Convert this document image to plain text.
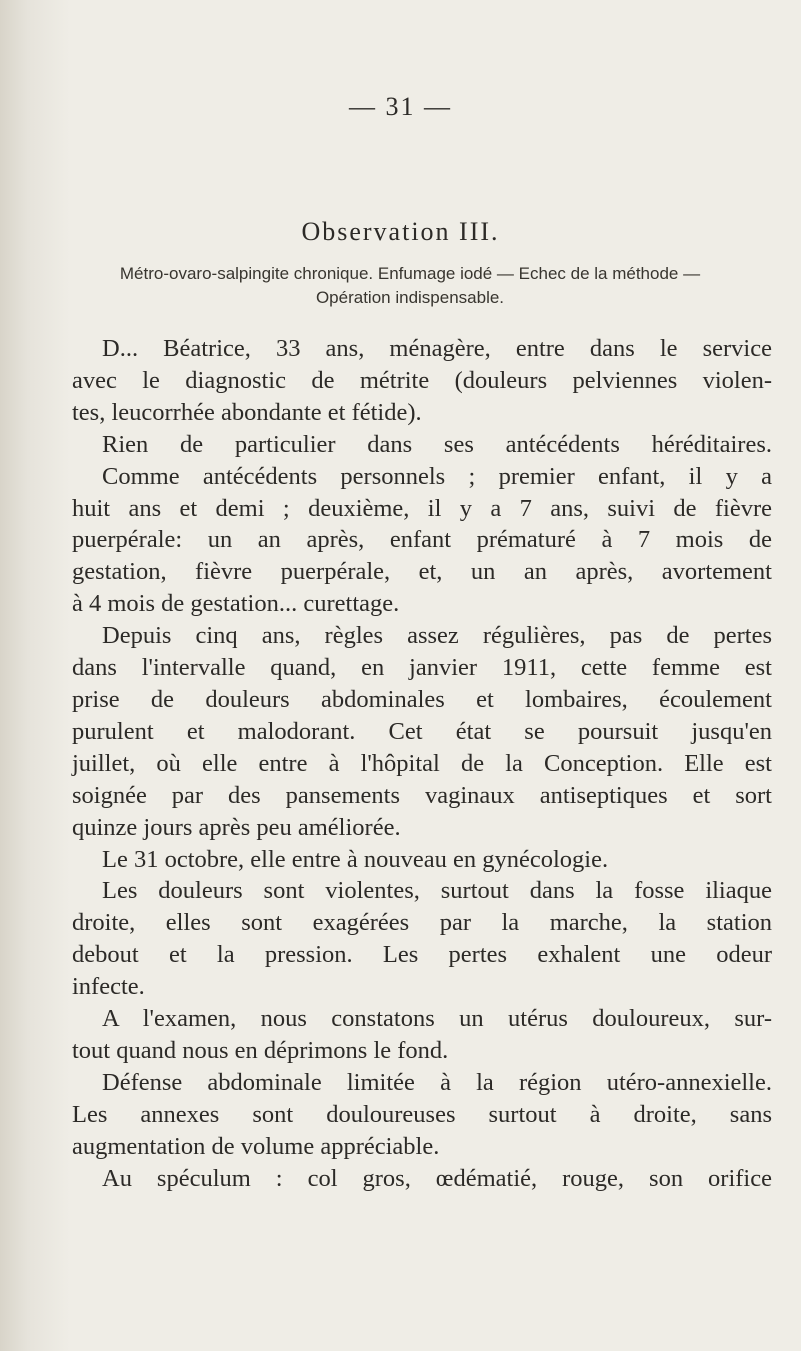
— 31 —
Observation III.
Métro-ovaro-salpingite chronique. Enfumage iodé — Echec de la méthode —
Opération indispensable.
D... Béatrice, 33 ans, ménagère, entre dans le service
avec le diagnostic de métrite (douleurs pelviennes violen-
tes, leucorrhée abondante et fétide).
Rien de particulier dans ses antécédents héréditaires.
Comme antécédents personnels ; premier enfant, il y a
huit ans et demi ; deuxième, il y a 7 ans, suivi de fièvre
puerpérale: un an après, enfant prématuré à 7 mois de
gestation, fièvre puerpérale, et, un an après, avortement
à 4 mois de gestation... curettage.
Depuis cinq ans, règles assez régulières, pas de pertes
dans l'intervalle quand, en janvier 1911, cette femme est
prise de douleurs abdominales et lombaires, écoulement
purulent et malodorant. Cet état se poursuit jusqu'en
juillet, où elle entre à l'hôpital de la Conception. Elle est
soignée par des pansements vaginaux antiseptiques et sort
quinze jours après peu améliorée.
Le 31 octobre, elle entre à nouveau en gynécologie.
Les douleurs sont violentes, surtout dans la fosse iliaque
droite, elles sont exagérées par la marche, la station
debout et la pression. Les pertes exhalent une odeur
infecte.
A l'examen, nous constatons un utérus douloureux, sur-
tout quand nous en déprimons le fond.
Défense abdominale limitée à la région utéro-annexielle.
Les annexes sont douloureuses surtout à droite, sans
augmentation de volume appréciable.
Au spéculum : col gros, œdématié, rouge, son orifice
